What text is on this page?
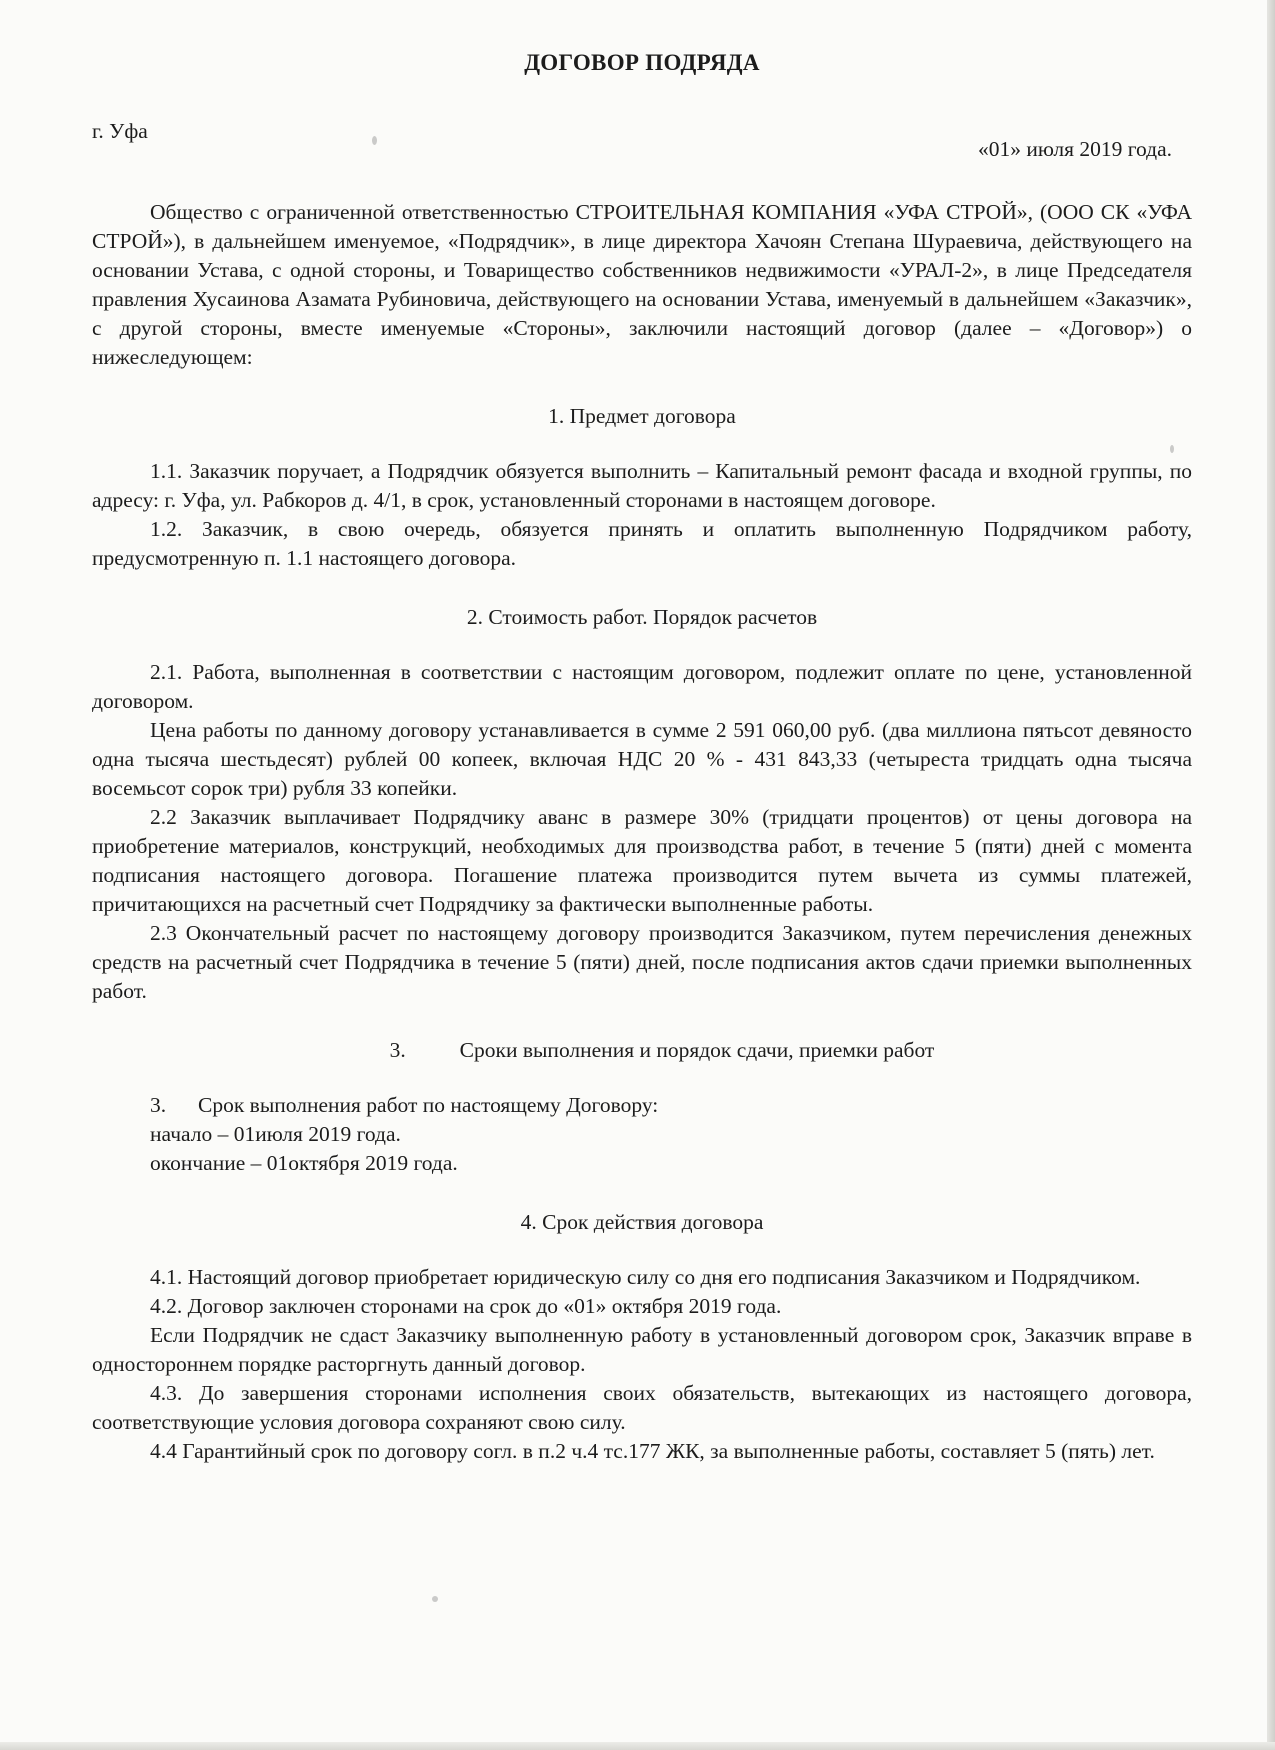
ДОГОВОР ПОДРЯДА
г. Уфа
«01» июля 2019 года.

Общество с ограниченной ответственностью СТРОИТЕЛЬНАЯ КОМПАНИЯ «УФА СТРОЙ», (ООО СК «УФА СТРОЙ»), в дальнейшем именуемое, «Подрядчик», в лице директора Хачоян Степана Шураевича, действующего на основании Устава, с одной стороны, и Товарищество собственников недвижимости «УРАЛ-2», в лице Председателя правления Хусаинова Азамата Рубиновича, действующего на основании Устава, именуемый в дальнейшем «Заказчик», с другой стороны, вместе именуемые «Стороны», заключили настоящий договор (далее – «Договор») о нижеследующем:

1. Предмет договора

1.1. Заказчик поручает, а Подрядчик обязуется выполнить – Капитальный ремонт фасада и входной группы, по адресу: г. Уфа, ул. Рабкоров д. 4/1, в срок, установленный сторонами в настоящем договоре.

1.2. Заказчик, в свою очередь, обязуется принять и оплатить выполненную Подрядчиком работу, предусмотренную п. 1.1 настоящего договора.

2. Стоимость работ. Порядок расчетов

2.1. Работа, выполненная в соответствии с настоящим договором, подлежит оплате по цене, установленной договором.

Цена работы по данному договору устанавливается в сумме 2 591 060,00 руб. (два миллиона пятьсот девяносто одна тысяча шестьдесят) рублей 00 копеек, включая НДС 20 % - 431 843,33 (четыреста тридцать одна тысяча восемьсот сорок три) рубля 33 копейки.

2.2 Заказчик выплачивает Подрядчику аванс в размере 30% (тридцати процентов) от цены договора на приобретение материалов, конструкций, необходимых для производства работ, в течение 5 (пяти) дней с момента подписания настоящего договора. Погашение платежа производится путем вычета из суммы платежей, причитающихся на расчетный счет Подрядчику за фактически выполненные работы.

2.3 Окончательный расчет по настоящему договору производится Заказчиком, путем перечисления денежных средств на расчетный счет Подрядчика в течение 5 (пяти) дней, после подписания актов сдачи приемки выполненных работ.

3.	Сроки выполнения и порядок сдачи, приемки работ
3. Срок выполнения работ по настоящему Договору:
начало – 01июля 2019 года.
окончание – 01октября 2019 года.
4. Срок действия договора

4.1. Настоящий договор приобретает юридическую силу со дня его подписания Заказчиком и Подрядчиком.

4.2. Договор заключен сторонами на срок до «01» октября 2019 года.

Если Подрядчик не сдаст Заказчику выполненную работу в установленный договором срок, Заказчик вправе в одностороннем порядке расторгнуть данный договор.

4.3. До завершения сторонами исполнения своих обязательств, вытекающих из настоящего договора, соответствующие условия договора сохраняют свою силу.

4.4 Гарантийный срок по договору согл. в п.2 ч.4 тс.177 ЖК, за выполненные работы, составляет 5 (пять) лет.
